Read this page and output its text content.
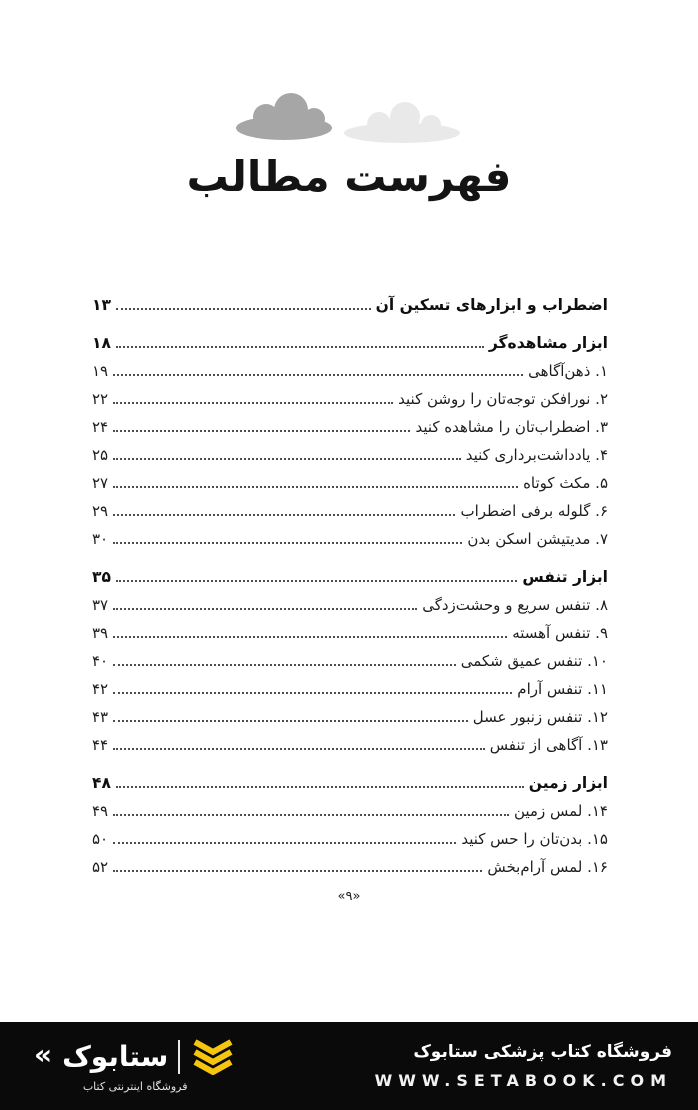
فهرست مطالب
اضطراب و ابزارهای تسکین آن
۱۳
ابزار مشاهده‌گر
۱۸
۱. ذهن‌آگاهی
۱۹
۲. نورافکن توجه‌تان را روشن کنید
۲۲
۳. اضطراب‌تان را مشاهده کنید
۲۴
۴. یادداشت‌برداری کنید
۲۵
۵. مکث کوتاه
۲۷
۶. گلوله برفی اضطراب
۲۹
۷. مدیتیشن اسکن بدن
۳۰
ابزار تنفس
۳۵
۸. تنفس سریع و وحشت‌زدگی
۳۷
۹. تنفس آهسته
۳۹
۱۰. تنفس عمیق شکمی
۴۰
۱۱. تنفس آرام
۴۲
۱۲. تنفس زنبور عسل
۴۳
۱۳. آگاهی از تنفس
۴۴
ابزار زمین
۴۸
۱۴. لمس زمین
۴۹
۱۵. بدن‌تان را حس کنید
۵۰
۱۶. لمس آرام‌بخش
۵۲
«۹»
« ستابوک
فروشگاه اینترنتی کتاب
فروشگاه کتاب پزشکی ستابوک
WWW.SETABOOK.COM
